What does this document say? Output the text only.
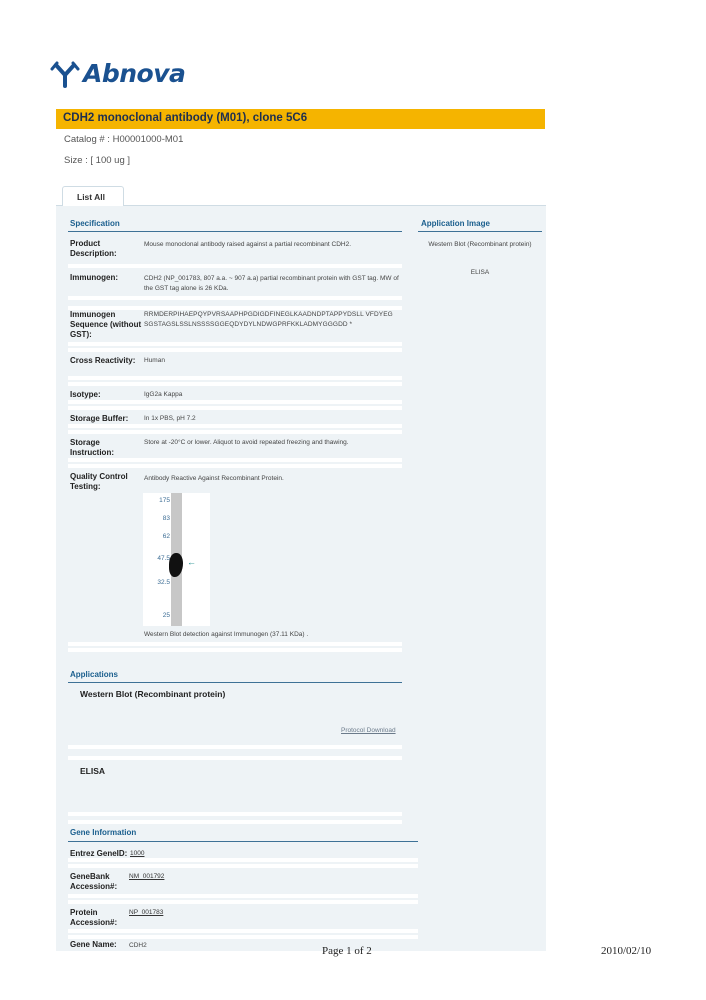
Abnova
CDH2 monoclonal antibody (M01), clone 5C6
Catalog # : H00001000-M01
Size : [ 100 ug ]
List All
Specification	Application Image
Western Blot (Recombinant protein)
ELISA
Product Description:
Mouse monoclonal antibody raised against a partial recombinant CDH2.
Immunogen:	CDH2 (NP_001783, 807 a.a. ~ 907 a.a) partial recombinant protein with GST tag. MW of the GST tag alone is 26 KDa.
Immunogen Sequence (without GST):
RRMDERPIHAEPQYPVRSAAPHPGDIGDFINEGLKAADNDPTAPPYDSLL VFDYEGSGSTAGSLSSLNSSSSGGEQDYDYLNDWGPRFKKLADMYGGGDD *
Cross Reactivity:	Human
Isotype:	IgG2a Kappa
Storage Buffer:	In 1x PBS, pH 7.2
Storage Instruction:
Store at -20°C or lower. Aliquot to avoid repeated freezing and thawing.
Quality Control Testing:
Antibody Reactive Against Recombinant Protein.
175
83
62
47.5
32.5
25
←
Western Blot detection against Immunogen (37.11 KDa) .
Applications
Western Blot (Recombinant protein)
Protocol Download
ELISA
Gene Information
Entrez GeneID: 1000
GeneBank Accession#:
NM_001792
Protein Accession#:
NP_001783
Gene Name:	CDH2	Page 1 of 2	2010/02/10
